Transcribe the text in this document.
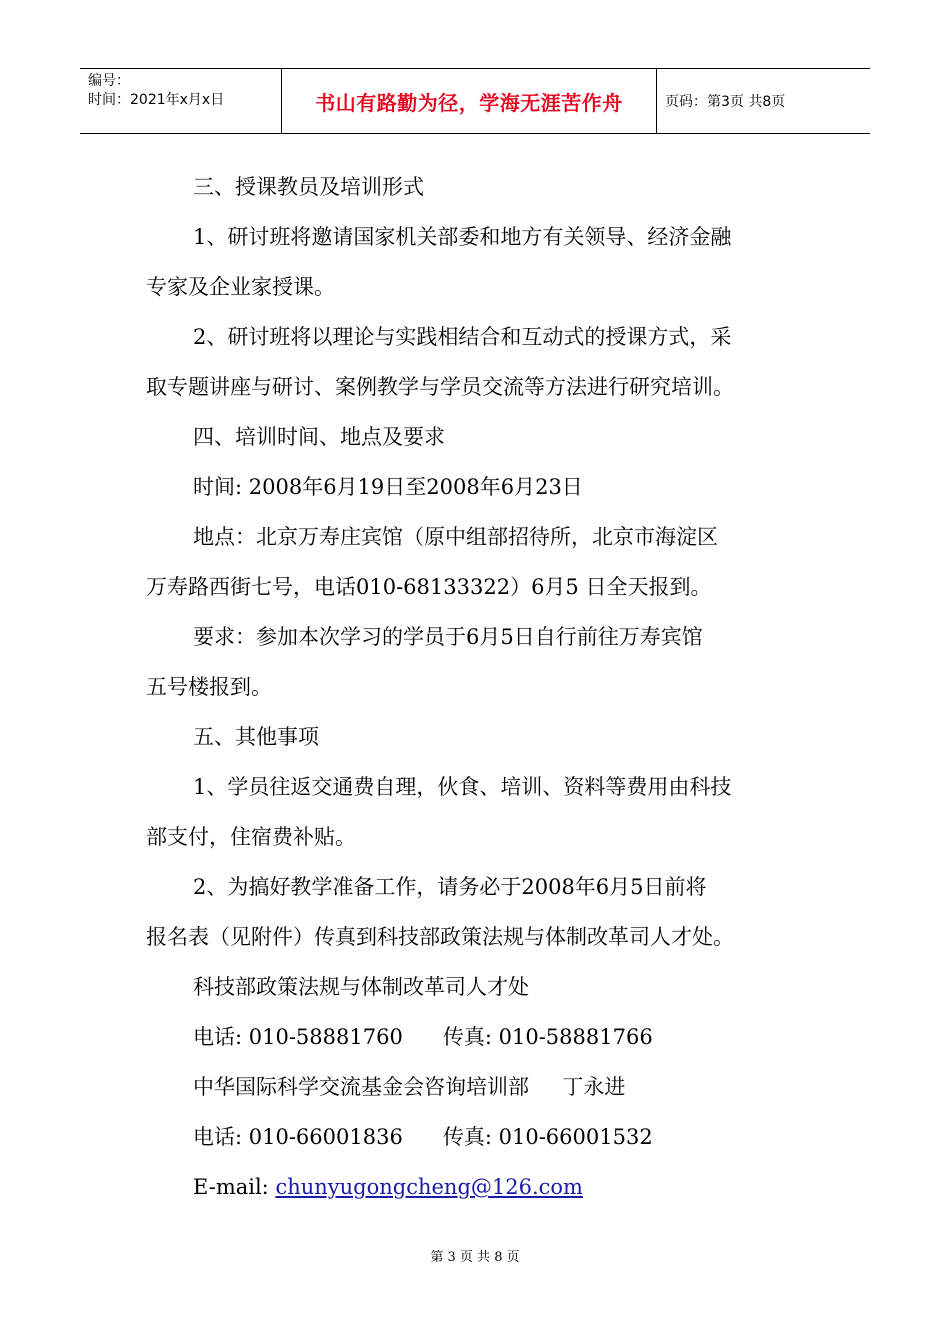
编号：
时间：2021年x月x日	书山有路勤为径，学海无涯苦作舟	页码：第3页 共8页
三、授课教员及培训形式
1、研讨班将邀请国家机关部委和地方有关领导、经济金融
专家及企业家授课。
2、研讨班将以理论与实践相结合和互动式的授课方式，采
取专题讲座与研讨、案例教学与学员交流等方法进行研究培训。
四、培训时间、地点及要求
时间: 2008年6月19日至2008年6月23日
地点：北京万寿庄宾馆（原中组部招待所，北京市海淀区
万寿路西街七号，电话010-68133322）6月5 日全天报到。
要求：参加本次学习的学员于6月5日自行前往万寿宾馆
五号楼报到。
五、其他事项
1、学员往返交通费自理，伙食、培训、资料等费用由科技
部支付，住宿费补贴。
2、为搞好教学准备工作，请务必于2008年6月5日前将
报名表（见附件）传真到科技部政策法规与体制改革司人才处。
科技部政策法规与体制改革司人才处
电话: 010-58881760      传真: 010-58881766
中华国际科学交流基金会咨询培训部     丁永进
电话: 010-66001836      传真: 010-66001532
E-mail: chunyugongcheng@126.com
第 3 页 共 8 页
